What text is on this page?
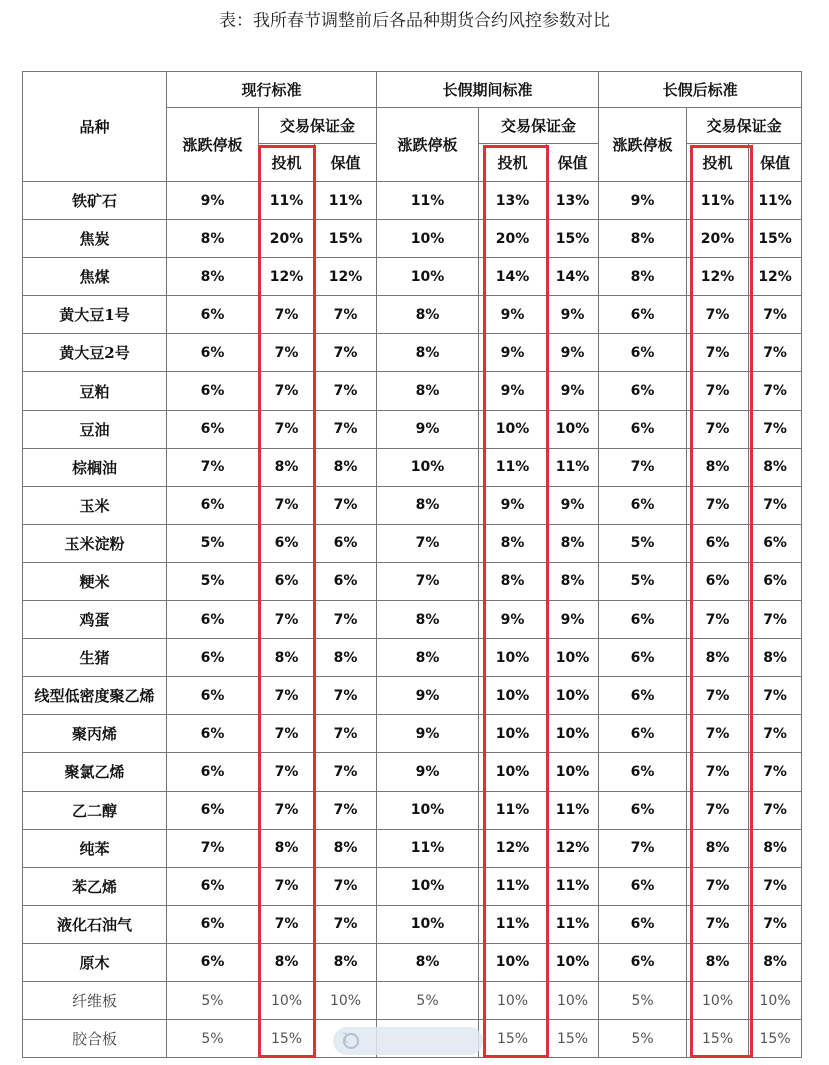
表：我所春节调整前后各品种期货合约风控参数对比
品种	现行标准			长假期间标准			长假后标准		
	涨跌停板	交易保证金		涨跌停板	交易保证金		涨跌停板	交易保证金	
		投机	保值		投机	保值		投机	保值
铁矿石	9%	11%	11%	11%	13%	13%	9%	11%	11%
焦炭	8%	20%	15%	10%	20%	15%	8%	20%	15%
焦煤	8%	12%	12%	10%	14%	14%	8%	12%	12%
黄大豆1号	6%	7%	7%	8%	9%	9%	6%	7%	7%
黄大豆2号	6%	7%	7%	8%	9%	9%	6%	7%	7%
豆粕	6%	7%	7%	8%	9%	9%	6%	7%	7%
豆油	6%	7%	7%	9%	10%	10%	6%	7%	7%
棕榈油	7%	8%	8%	10%	11%	11%	7%	8%	8%
玉米	6%	7%	7%	8%	9%	9%	6%	7%	7%
玉米淀粉	5%	6%	6%	7%	8%	8%	5%	6%	6%
粳米	5%	6%	6%	7%	8%	8%	5%	6%	6%
鸡蛋	6%	7%	7%	8%	9%	9%	6%	7%	7%
生猪	6%	8%	8%	8%	10%	10%	6%	8%	8%
线型低密度聚乙烯	6%	7%	7%	9%	10%	10%	6%	7%	7%
聚丙烯	6%	7%	7%	9%	10%	10%	6%	7%	7%
聚氯乙烯	6%	7%	7%	9%	10%	10%	6%	7%	7%
乙二醇	6%	7%	7%	10%	11%	11%	6%	7%	7%
纯苯	7%	8%	8%	11%	12%	12%	7%	8%	8%
苯乙烯	6%	7%	7%	10%	11%	11%	6%	7%	7%
液化石油气	6%	7%	7%	10%	11%	11%	6%	7%	7%
原木	6%	8%	8%	8%	10%	10%	6%	8%	8%
纤维板	5%	10%	10%	5%	10%	10%	5%	10%	10%
胶合板	5%	15%			15%	15%	5%	15%	15%
